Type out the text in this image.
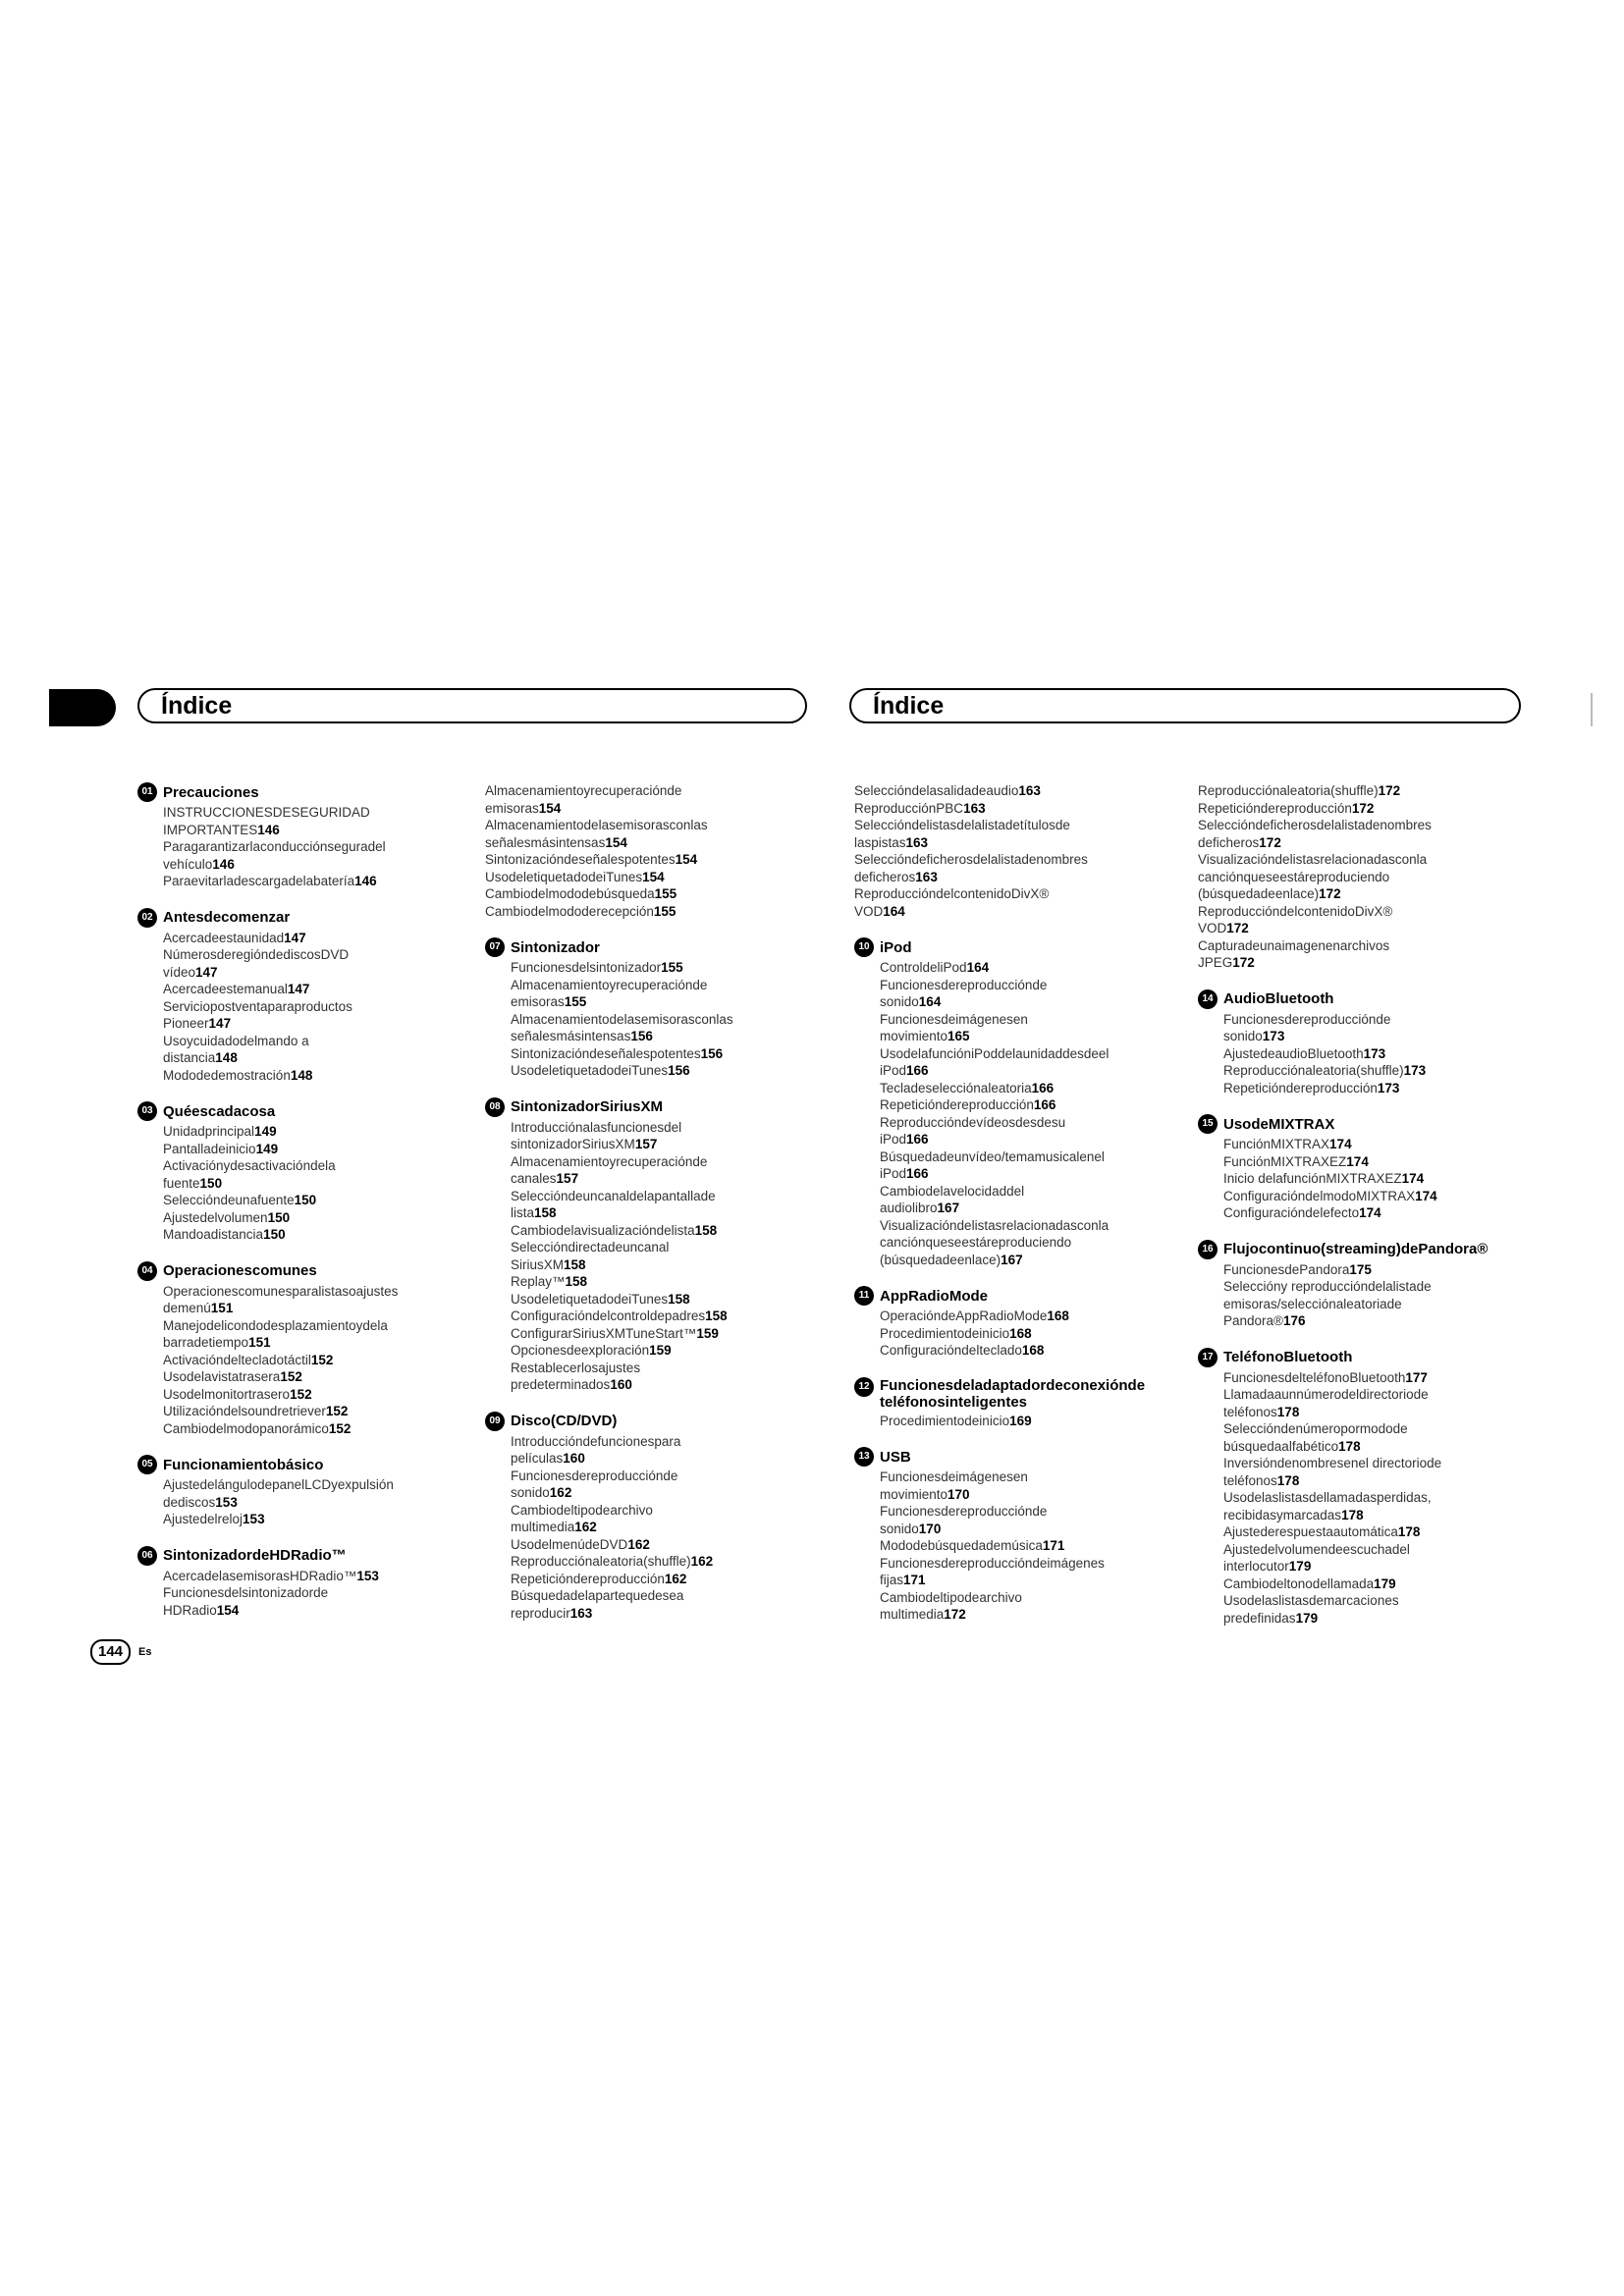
Índice	Índice
01 Precauciones
INSTRUCCIONESDESEGURIDAD
IMPORTANTES146
Paragarantizarlaconducciónseguradel
vehículo146
Paraevitarladescargadelabatería146
02 Antesdecomenzar
Acercadeestaunidad147
NúmerosderegióndediscosDVD
vídeo147
Acercadeestemanual147
Serviciopostventaparaproductos
Pioneer147
Usoycuidadodelmando a
distancia148
Mododedemostración148
03 Quéescadacosa
Unidadprincipal149
Pantalladeinicio149
Activaciónydesactivacióndela
fuente150
Seleccióndeunafuente150
Ajustedelvolumen150
Mandoadistancia150
04 Operacionescomunes
Operacionescomunesparalistasoajustes
demenú151
Manejodelicondodesplazamientoydela
barradetiempo151
Activacióndeltecladotáctil152
Usodelavistatrasera152
Usodelmonitortrasero152
Utilizacióndelsoundretriever152
Cambiodelmodopanorámico152
05 Funcionamientobásico
AjustedelángulodepanelLCDyexpulsión
dediscos153
Ajustedelreloj153
06 SintonizadordeHDRadio™
AcercadelasemisorasHDRadio™153
Funcionesdelsintonizadorde
HDRadio154
Almacenamientoyrecuperaciónde
emisoras154
Almacenamientodelasemisorasconlas
señalesmásintensas154
Sintonizacióndeseñalespotentes154
UsodeletiquetadodeiTunes154
Cambiodelmododebúsqueda155
Cambiodelmododerecepción155
07 Sintonizador
Funcionesdelsintonizador155
Almacenamientoyrecuperaciónde
emisoras155
Almacenamientodelasemisorasconlas
señalesmásintensas156
Sintonizacióndeseñalespotentes156
UsodeletiquetadodeiTunes156
08 SintonizadorSiriusXM
Introducciónalasfuncionesdel
sintonizadorSiriusXM157
Almacenamientoyrecuperaciónde
canales157
Seleccióndeuncanaldelapantallade
lista158
Cambiodelavisualizacióndelista158
Seleccióndirectadeuncanal
SiriusXM158
Replay™158
UsodeletiquetadodeiTunes158
Configuracióndelcontroldepadres158
ConfigurarSiriusXMTuneStart™159
Opcionesdeexploración159
Restablecerlosajustes
predeterminados160
09 Disco(CD/DVD)
Introduccióndefuncionespara
películas160
Funcionesdereproducciónde
sonido162
Cambiodeltipodearchivo
multimedia162
UsodelmenúdeDVD162
Reproducciónaleatoria(shuffle)162
Repeticióndereproducción162
Búsquedadelapartequedesea
reproducir163
Seleccióndelasalidadeaudio163
ReproducciónPBC163
Seleccióndelistasdelalistadetítulosde
laspistas163
Seleccióndeficherosdelalistadenombres
deficheros163
ReproduccióndelcontenidoDivX®
VOD164
10 iPod
ControldeliPod164
Funcionesdereproducciónde
sonido164
Funcionesdeimágenesen
movimiento165
UsodelafuncióniPoddelaunidaddesdeel
iPod166
Tecladeselecciónaleatoria166
Repeticióndereproducción166
Reproduccióndevídeosdesdesu
iPod166
Búsquedadeunvídeo/temamusicalenel
iPod166
Cambiodelavelocidaddel
audiolibro167
Visualizacióndelistasrelacionadasconla
canciónqueseestáreproduciendo
(búsquedadeenlace)167
11 AppRadioMode
OperacióndeAppRadioMode168
Procedimientodeinicio168
Configuracióndelteclado168
12 Funcionesdeladaptadordeconexiónde
teléfonosinteligentes
Procedimientodeinicio169
13 USB
Funcionesdeimágenesen
movimiento170
Funcionesdereproducciónde
sonido170
Mododebúsquedademúsica171
Funcionesdereproduccióndeimágenes
fijas171
Cambiodeltipodearchivo
multimedia172
Reproducciónaleatoria(shuffle)172
Repeticióndereproducción172
Seleccióndeficherosdelalistadenombres
deficheros172
Visualizacióndelistasrelacionadasconla
canciónqueseestáreproduciendo
(búsquedadeenlace)172
ReproduccióndelcontenidoDivX®
VOD172
Capturadeunaimagenenarchivos
JPEG172
14 AudioBluetooth
Funcionesdereproducciónde
sonido173
AjustedeaudioBluetooth173
Reproducciónaleatoria(shuffle)173
Repeticióndereproducción173
15 UsodeMIXTRAX
FunciónMIXTRAX174
FunciónMIXTRAXEZ174
Inicio delafunciónMIXTRAXEZ174
ConfiguracióndelmodoMIXTRAX174
Configuracióndelefecto174
16 Flujocontinuo(streaming)dePandora®
FuncionesdePandora175
Seleccióny reproduccióndelalistade
emisoras/selecciónaleatoriade
Pandora®176
17 TeléfonoBluetooth
FuncionesdelteléfonoBluetooth177
Llamadaaunnúmerodeldirectoriode
teléfonos178
Seleccióndenúmeropormodode
búsquedaalfabético178
Inversióndenombresenel directoriode
teléfonos178
Usodelaslistasdellamadasperdidas,
recibidasymarcadas178
Ajustederespuestaautomática178
Ajustedelvolumendeescuchadel
interlocutor179
Cambiodeltonodellamada179
Usodelaslistasdemarcaciones
predefinidas179
144	Es
